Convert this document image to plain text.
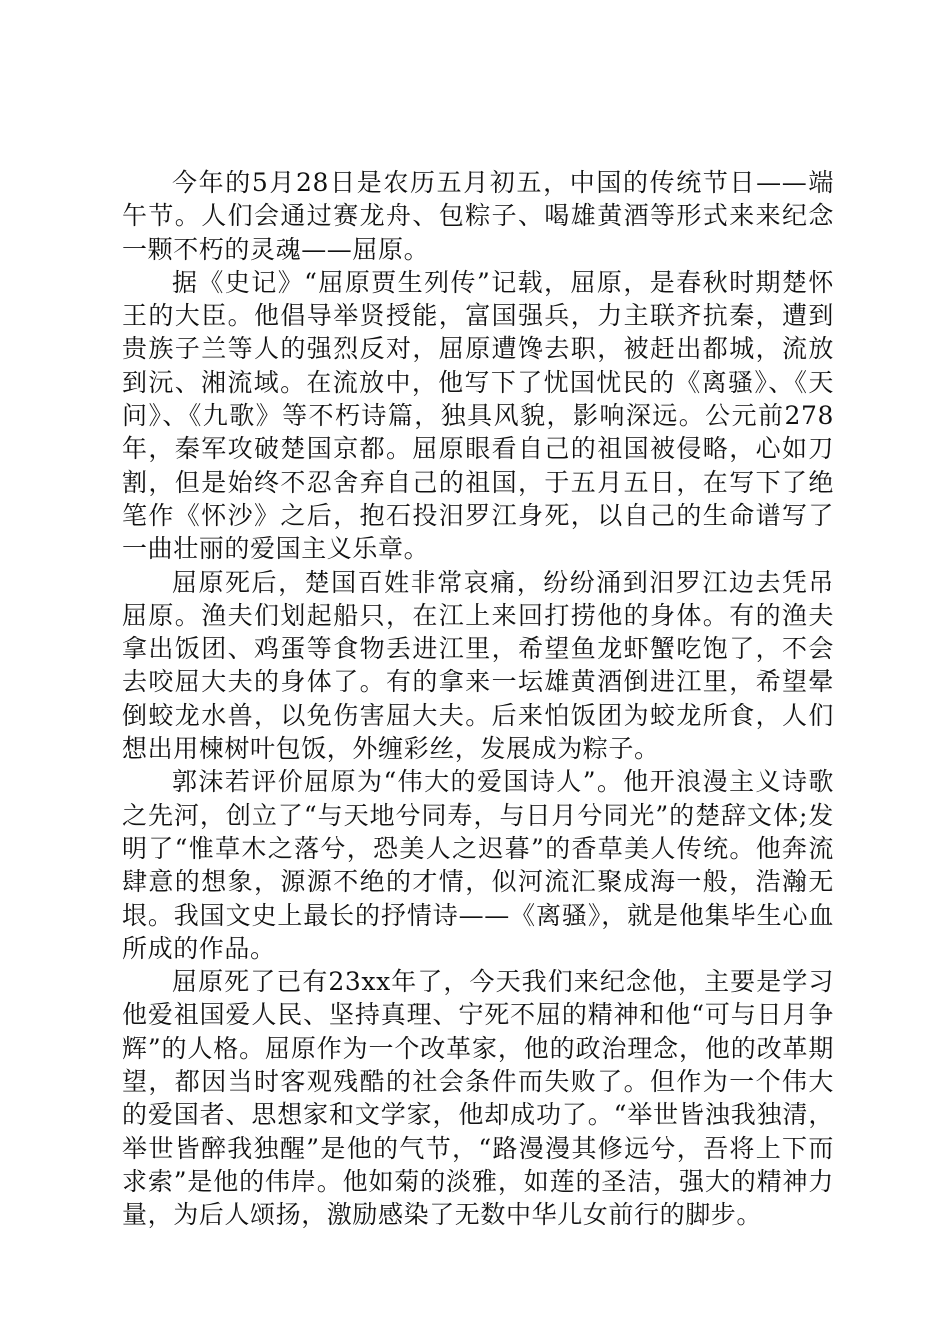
今年的5月28日是农历五月初五，中国的传统节日——端午节。人们会通过赛龙舟、包粽子、喝雄黄酒等形式来来纪念一颗不朽的灵魂——屈原。

据《史记》“屈原贾生列传”记载，屈原，是春秋时期楚怀王的大臣。他倡导举贤授能，富国强兵，力主联齐抗秦，遭到贵族子兰等人的强烈反对，屈原遭馋去职，被赶出都城，流放到沅、湘流域。在流放中，他写下了忧国忧民的《离骚》、《天问》、《九歌》等不朽诗篇，独具风貌，影响深远。公元前278年，秦军攻破楚国京都。屈原眼看自己的祖国被侵略，心如刀割，但是始终不忍舍弃自己的祖国，于五月五日，在写下了绝笔作《怀沙》之后，抱石投汨罗江身死，以自己的生命谱写了一曲壮丽的爱国主义乐章。

屈原死后，楚国百姓非常哀痛，纷纷涌到汨罗江边去凭吊屈原。渔夫们划起船只，在江上来回打捞他的身体。有的渔夫拿出饭团、鸡蛋等食物丢进江里，希望鱼龙虾蟹吃饱了，不会去咬屈大夫的身体了。有的拿来一坛雄黄酒倒进江里，希望晕倒蛟龙水兽，以免伤害屈大夫。后来怕饭团为蛟龙所食，人们想出用楝树叶包饭，外缠彩丝，发展成为粽子。

郭沫若评价屈原为“伟大的爱国诗人”。他开浪漫主义诗歌之先河，创立了“与天地兮同寿，与日月兮同光”的楚辞文体;发明了“惟草木之落兮，恐美人之迟暮”的香草美人传统。他奔流肆意的想象，源源不绝的才情，似河流汇聚成海一般，浩瀚无垠。我国文史上最长的抒情诗——《离骚》，就是他集毕生心血所成的作品。

屈原死了已有23xx年了，今天我们来纪念他，主要是学习他爱祖国爱人民、坚持真理、宁死不屈的精神和他“可与日月争辉”的人格。屈原作为一个改革家，他的政治理念，他的改革期望，都因当时客观残酷的社会条件而失败了。但作为一个伟大的爱国者、思想家和文学家，他却成功了。“举世皆浊我独清，举世皆醉我独醒”是他的气节，“路漫漫其修远兮，吾将上下而求索”是他的伟岸。他如菊的淡雅，如莲的圣洁，强大的精神力量，为后人颂扬，激励感染了无数中华儿女前行的脚步。
